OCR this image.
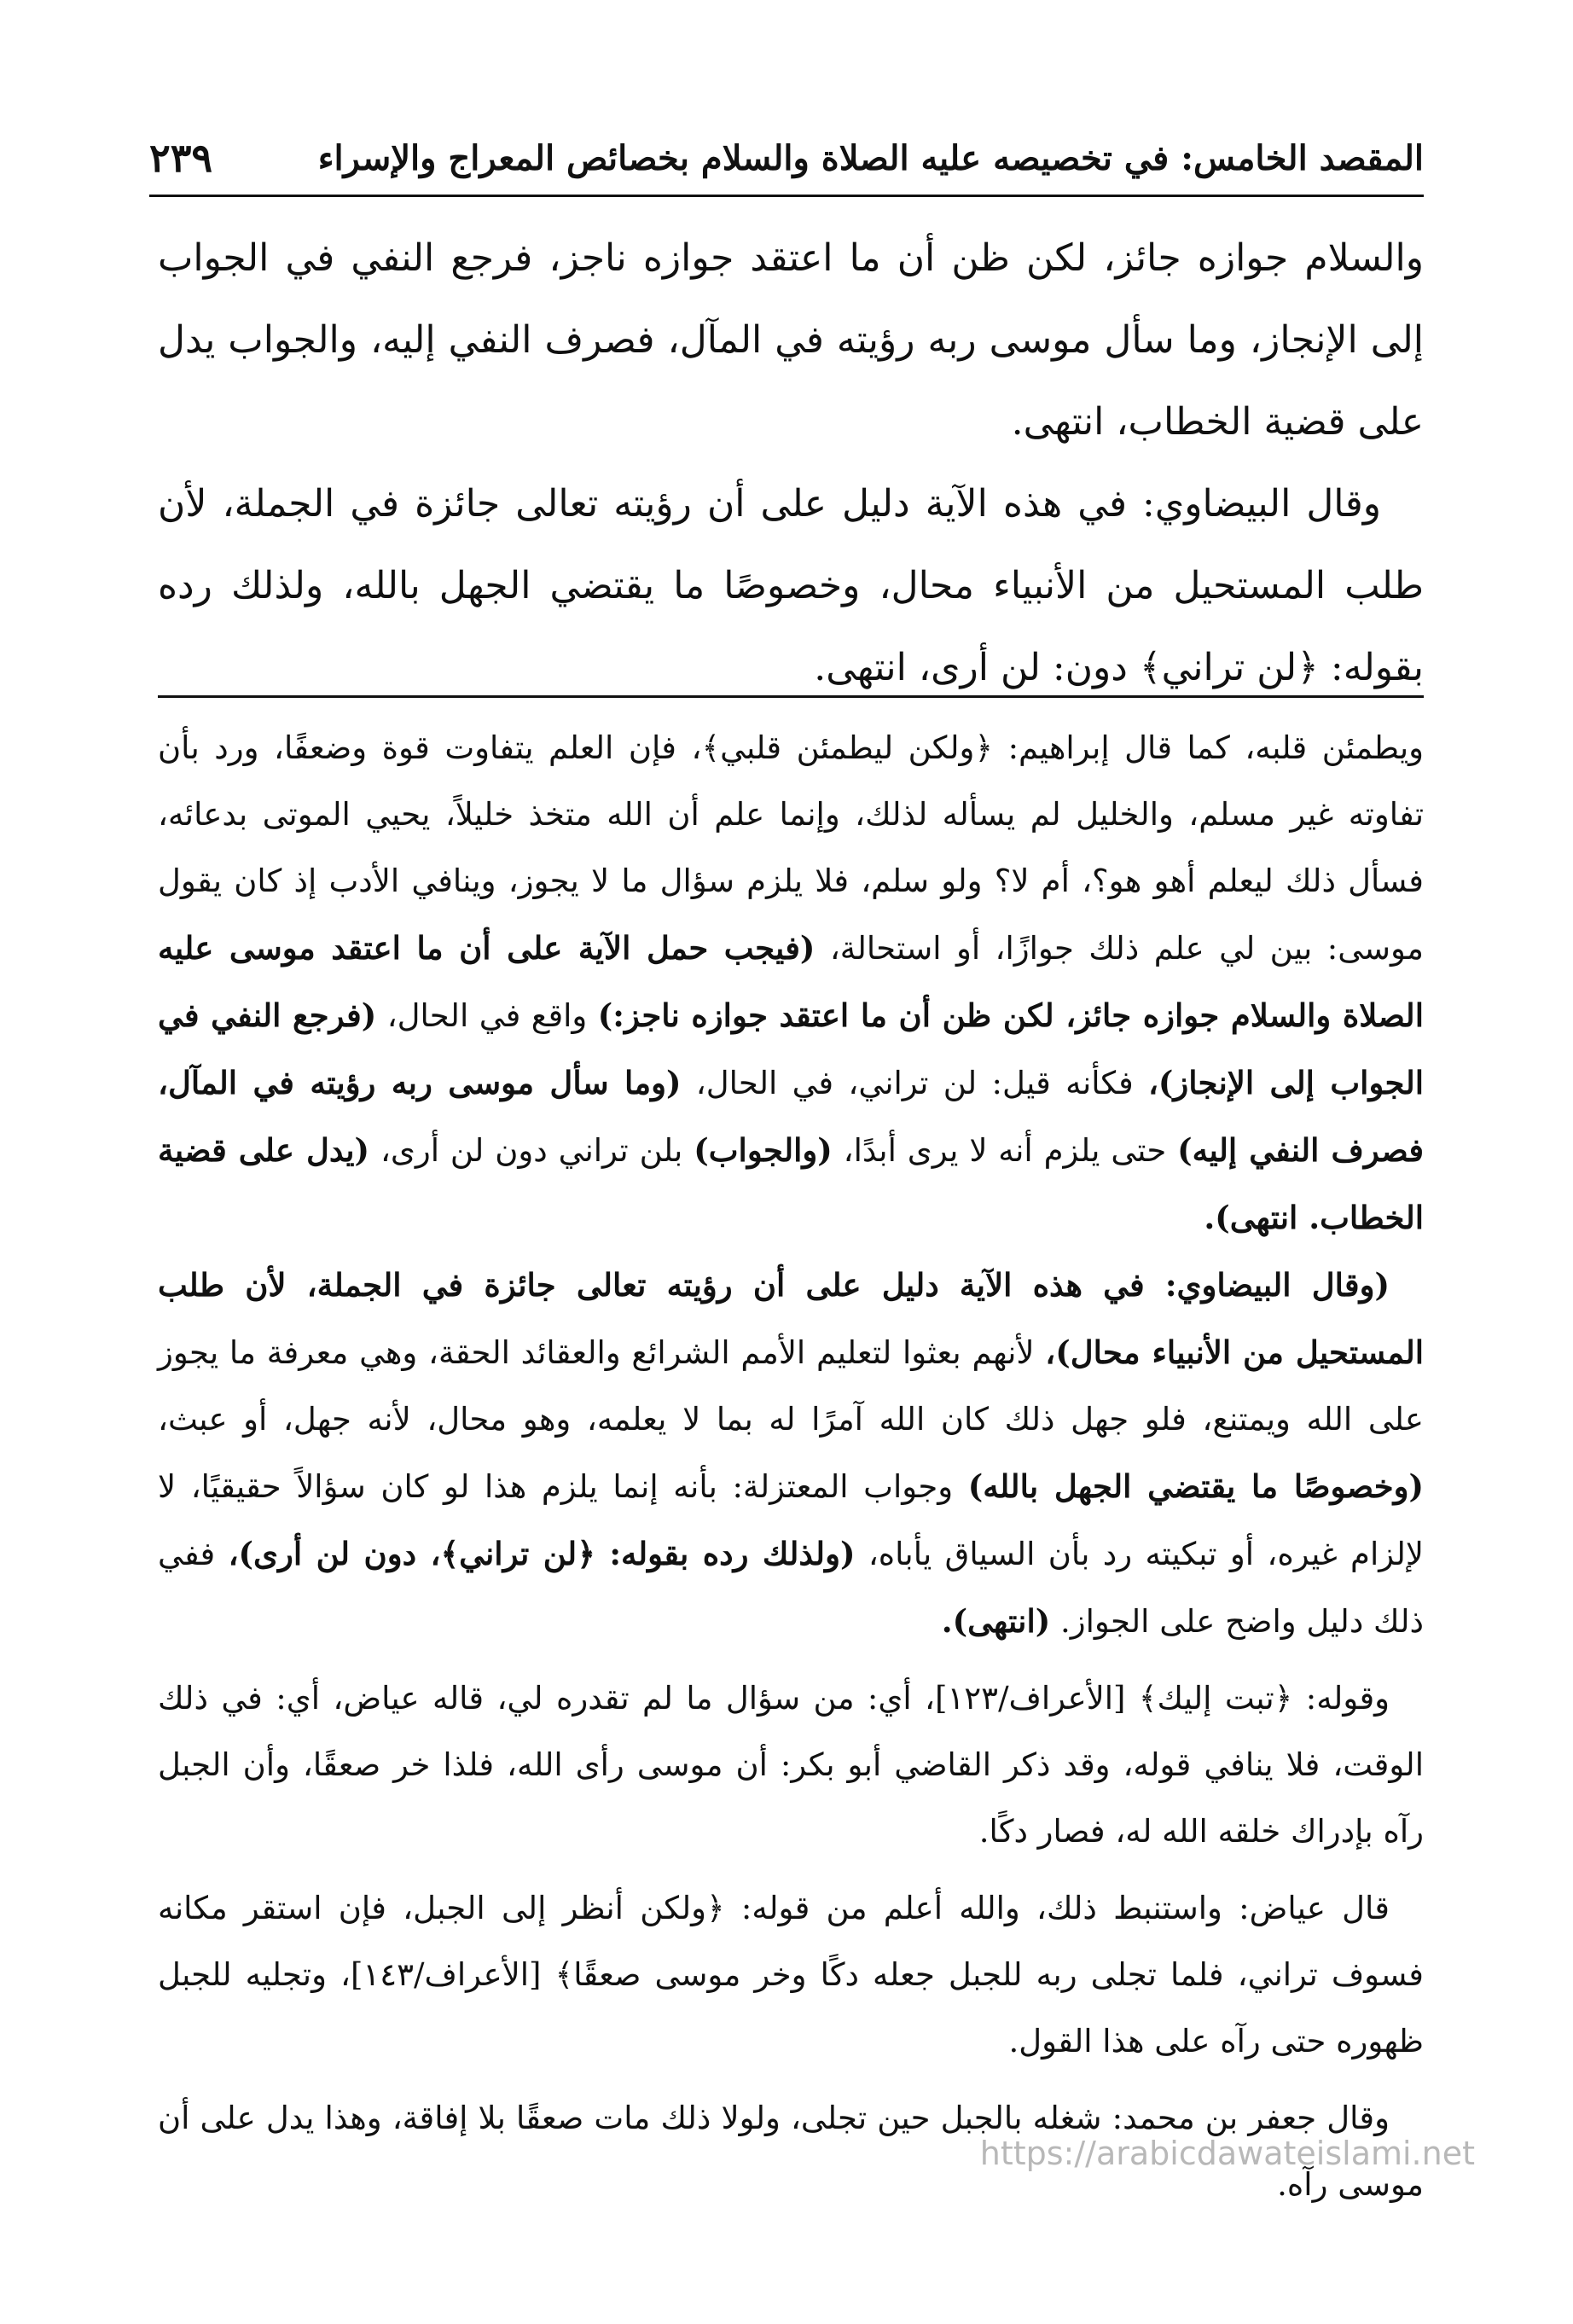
المقصد الخامس: في تخصيصه عليه الصلاة والسلام بخصائص المعراج والإسراء
٢٣٩

والسلام جوازه جائز، لكن ظن أن ما اعتقد جوازه ناجز، فرجع النفي في الجواب إلى الإنجاز، وما سأل موسى ربه رؤيته في المآل، فصرف النفي إليه، والجواب يدل على قضية الخطاب، انتهى.

وقال البيضاوي: في هذه الآية دليل على أن رؤيته تعالى جائزة في الجملة، لأن طلب المستحيل من الأنبياء محال، وخصوصًا ما يقتضي الجهل بالله، ولذلك رده بقوله: ﴿لن تراني﴾ دون: لن أرى، انتهى.

ويطمئن قلبه، كما قال إبراهيم: ﴿ولكن ليطمئن قلبي﴾، فإن العلم يتفاوت قوة وضعفًا، ورد بأن تفاوته غير مسلم، والخليل لم يسأله لذلك، وإنما علم أن الله متخذ خليلاً، يحيي الموتى بدعائه، فسأل ذلك ليعلم أهو هو؟، أم لا؟ ولو سلم، فلا يلزم سؤال ما لا يجوز، وينافي الأدب إذ كان يقول موسى: بين لي علم ذلك جوازًا، أو استحالة، (فيجب حمل الآية على أن ما اعتقد موسى عليه الصلاة والسلام جوازه جائز، لكن ظن أن ما اعتقد جوازه ناجز:) واقع في الحال، (فرجع النفي في الجواب إلى الإنجاز)، فكأنه قيل: لن تراني، في الحال، (وما سأل موسى ربه رؤيته في المآل، فصرف النفي إليه) حتى يلزم أنه لا يرى أبدًا، (والجواب) بلن تراني دون لن أرى، (يدل على قضية الخطاب. انتهى).

(وقال البيضاوي: في هذه الآية دليل على أن رؤيته تعالى جائزة في الجملة، لأن طلب المستحيل من الأنبياء محال)، لأنهم بعثوا لتعليم الأمم الشرائع والعقائد الحقة، وهي معرفة ما يجوز على الله ويمتنع، فلو جهل ذلك كان الله آمرًا له بما لا يعلمه، وهو محال، لأنه جهل، أو عبث، (وخصوصًا ما يقتضي الجهل بالله) وجواب المعتزلة: بأنه إنما يلزم هذا لو كان سؤالاً حقيقيًا، لا لإلزام غيره، أو تبكيته رد بأن السياق يأباه، (ولذلك رده بقوله: ﴿لن تراني﴾، دون لن أرى)، ففي ذلك دليل واضح على الجواز. (انتهى).

وقوله: ﴿تبت إليك﴾ [الأعراف/١٢٣]، أي: من سؤال ما لم تقدره لي، قاله عياض، أي: في ذلك الوقت، فلا ينافي قوله، وقد ذكر القاضي أبو بكر: أن موسى رأى الله، فلذا خر صعقًا، وأن الجبل رآه بإدراك خلقه الله له، فصار دكًا.

قال عياض: واستنبط ذلك، والله أعلم من قوله: ﴿ولكن أنظر إلى الجبل، فإن استقر مكانه فسوف تراني، فلما تجلى ربه للجبل جعله دكًا وخر موسى صعقًا﴾ [الأعراف/١٤٣]، وتجليه للجبل ظهوره حتى رآه على هذا القول.

وقال جعفر بن محمد: شغله بالجبل حين تجلى، ولولا ذلك مات صعقًا بلا إفاقة، وهذا يدل على أن موسى رآه.

https://arabicdawateislami.net
